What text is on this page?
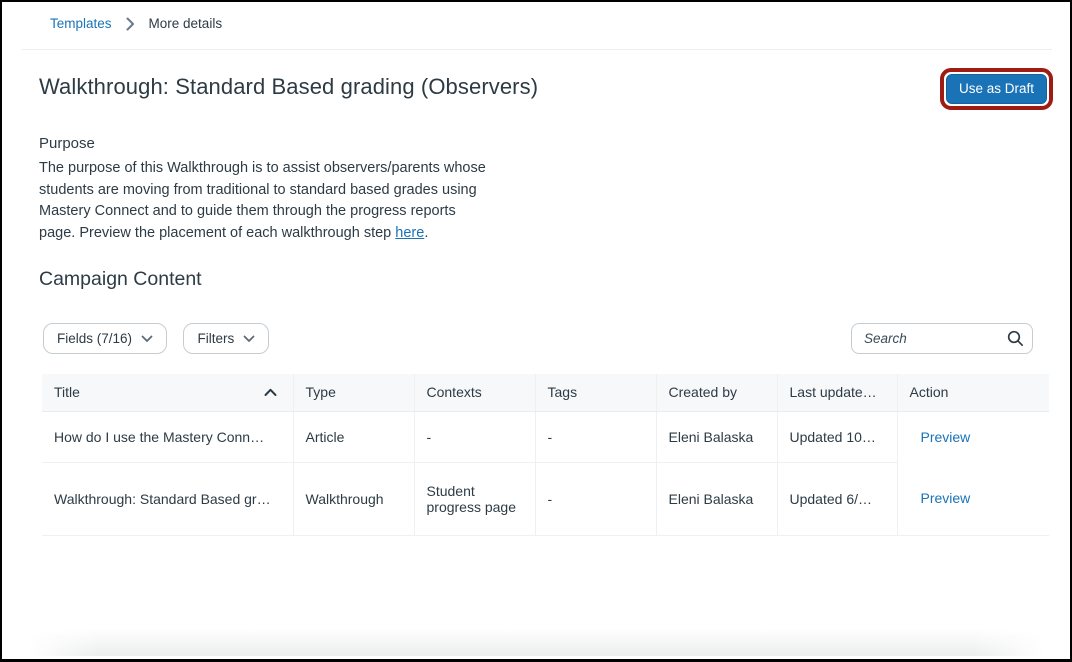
Templates	More details
Walkthrough: Standard Based grading (Observers)	Use as Draft
Purpose

The purpose of this Walkthrough is to assist observers/parents whose students are moving from traditional to standard based grades using Mastery Connect and to guide them through the progress reports page. Preview the placement of each walkthrough step here.

Campaign Content
Fields (7/16)
	Filters
Search
Title	Type	Contexts	Tags	Created by	Last update…	Action
How do I use the Mastery Conn…	Article	-	-	Eleni Balaska	Updated 10…	Preview
Walkthrough: Standard Based gr…	Walkthrough	Student progress page	-	Eleni Balaska	Updated 6/…	Preview
